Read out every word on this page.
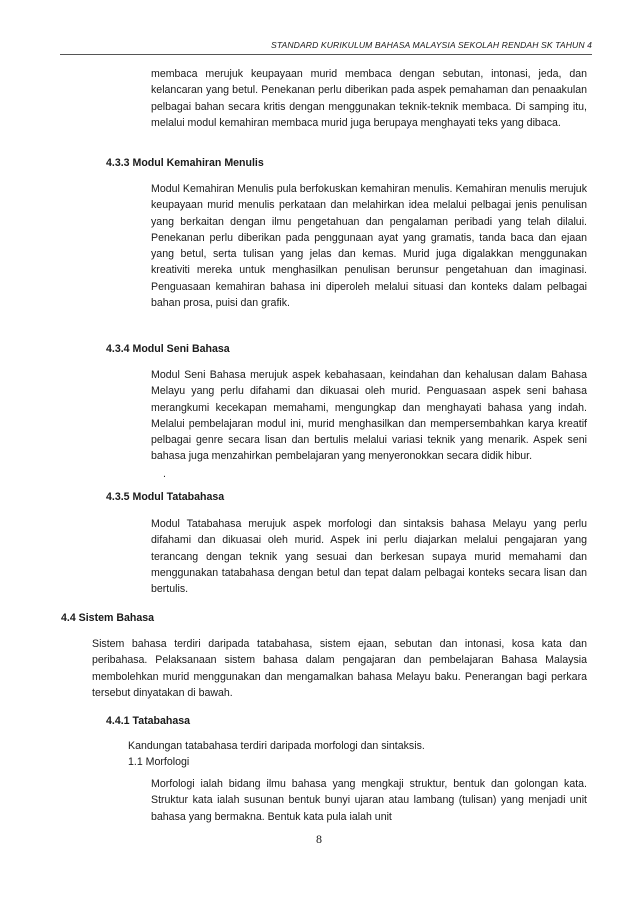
STANDARD KURIKULUM BAHASA MALAYSIA SEKOLAH RENDAH SK TAHUN 4

membaca merujuk keupayaan murid membaca dengan sebutan, intonasi, jeda, dan kelancaran yang betul. Penekanan perlu diberikan pada aspek pemahaman dan penaakulan pelbagai bahan secara kritis dengan menggunakan teknik-teknik membaca. Di samping itu, melalui modul kemahiran membaca murid juga berupaya menghayati teks yang dibaca.

4.3.3 Modul Kemahiran Menulis

Modul Kemahiran Menulis pula berfokuskan kemahiran menulis. Kemahiran menulis merujuk keupayaan murid menulis perkataan dan melahirkan idea melalui pelbagai jenis penulisan yang berkaitan dengan ilmu pengetahuan dan pengalaman peribadi yang telah dilalui. Penekanan perlu diberikan pada penggunaan ayat yang gramatis, tanda baca dan ejaan yang betul, serta tulisan yang jelas dan kemas. Murid juga digalakkan menggunakan kreativiti mereka untuk menghasilkan penulisan berunsur pengetahuan dan imaginasi. Penguasaan kemahiran bahasa ini diperoleh melalui situasi dan konteks dalam pelbagai bahan prosa, puisi dan grafik.

4.3.4 Modul Seni Bahasa

Modul Seni Bahasa merujuk aspek kebahasaan, keindahan dan kehalusan dalam Bahasa Melayu yang perlu difahami dan dikuasai oleh murid. Penguasaan aspek seni bahasa merangkumi kecekapan memahami, mengungkap dan menghayati bahasa yang indah. Melalui pembelajaran modul ini, murid menghasilkan dan mempersembahkan karya kreatif pelbagai genre secara lisan dan bertulis melalui variasi teknik yang menarik. Aspek seni bahasa juga menzahirkan pembelajaran yang menyeronokkan secara didik hibur.

.
4.3.5 Modul Tatabahasa

Modul Tatabahasa merujuk aspek morfologi dan sintaksis bahasa Melayu yang perlu difahami dan dikuasai oleh murid. Aspek ini perlu diajarkan melalui pengajaran yang terancang dengan teknik yang sesuai dan berkesan supaya murid memahami dan menggunakan tatabahasa dengan betul dan tepat dalam pelbagai konteks secara lisan dan bertulis.

4.4 Sistem Bahasa

Sistem bahasa terdiri daripada tatabahasa, sistem ejaan, sebutan dan intonasi, kosa kata dan peribahasa. Pelaksanaan sistem bahasa dalam pengajaran dan pembelajaran Bahasa Malaysia membolehkan murid menggunakan dan mengamalkan bahasa Melayu baku. Penerangan bagi perkara tersebut dinyatakan di bawah.

4.4.1 Tatabahasa

Kandungan tatabahasa terdiri daripada morfologi dan sintaksis.

1.1 Morfologi

Morfologi ialah bidang ilmu bahasa yang mengkaji struktur, bentuk dan golongan kata. Struktur kata ialah susunan bentuk bunyi ujaran atau lambang (tulisan) yang menjadi unit bahasa yang bermakna. Bentuk kata pula ialah unit

8
